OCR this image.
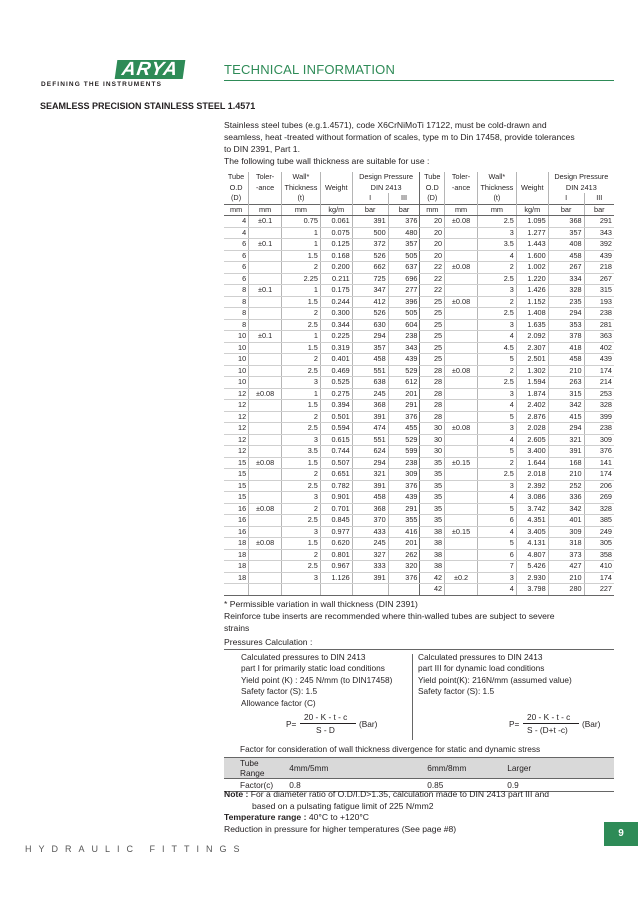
ARYA
DEFINING THE INSTRUMENTS
TECHNICAL INFORMATION
SEAMLESS PRECISION STAINLESS STEEL 1.4571

Stainless steel tubes (e.g.1.4571), code X6CrNiMoTi 17122, must be cold-drawn and

seamless, heat -treated without formation of scales, type m to Din 17458, provide tolerances

to DIN 2391, Part 1.

The following tube wall thickness are suitable for use :

Tube	Toler-	Wall*		Design Pressure		Tube	Toler-	Wall*		Design Pressure	
O.D	-ance	Thickness	Weight	DIN 2413		O.D	-ance	Thickness	Weight	DIN 2413	
(D)		(t)		I	III	(D)		(t)		I	III
mm	mm	mm	kg/m	bar	bar	mm	mm	mm	kg/m	bar	bar
4	±0.1	0.75	0.061	391	376	20	±0.08	2.5	1.095	368	291
4		1	0.075	500	480	20		3	1.277	357	343
6	±0.1	1	0.125	372	357	20		3.5	1.443	408	392
6		1.5	0.168	526	505	20		4	1.600	458	439
6		2	0.200	662	637	22	±0.08	2	1.002	267	218
6		2.25	0.211	725	696	22		2.5	1.220	334	267
8	±0.1	1	0.175	347	277	22		3	1.426	328	315
8		1.5	0.244	412	396	25	±0.08	2	1.152	235	193
8		2	0.300	526	505	25		2.5	1.408	294	238
8		2.5	0.344	630	604	25		3	1.635	353	281
10	±0.1	1	0.225	294	238	25		4	2.092	378	363
10		1.5	0.319	357	343	25		4.5	2.307	418	402
10		2	0.401	458	439	25		5	2.501	458	439
10		2.5	0.469	551	529	28	±0.08	2	1.302	210	174
10		3	0.525	638	612	28		2.5	1.594	263	214
12	±0.08	1	0.275	245	201	28		3	1.874	315	253
12		1.5	0.394	368	291	28		4	2.402	342	328
12		2	0.501	391	376	28		5	2.876	415	399
12		2.5	0.594	474	455	30	±0.08	3	2.028	294	238
12		3	0.615	551	529	30		4	2.605	321	309
12		3.5	0.744	624	599	30		5	3.400	391	376
15	±0.08	1.5	0.507	294	238	35	±0.15	2	1.644	168	141
15		2	0.651	321	309	35		2.5	2.018	210	174
15		2.5	0.782	391	376	35		3	2.392	252	206
15		3	0.901	458	439	35		4	3.086	336	269
16	±0.08	2	0.701	368	291	35		5	3.742	342	328
16		2.5	0.845	370	355	35		6	4.351	401	385
16		3	0.977	433	416	38	±0.15	4	3.405	309	249
18	±0.08	1.5	0.620	245	201	38		5	4.131	318	305
18		2	0.801	327	262	38		6	4.807	373	358
18		2.5	0.967	333	320	38		7	5.426	427	410
18		3	1.126	391	376	42	±0.2	3	2.930	210	174
						42		4	3.798	280	227
* Permissible variation in wall thickness (DIN 2391)
Reinforce tube inserts are recommended where thin-walled tubes are subject to severe
strains
Pressures Calculation :
Calculated pressures to DIN 2413
part I for primarily static load conditions
Yield point (K) : 245 N/mm (to DIN17458)
Safety factor (S): 1.5
Allowance factor (C)
Calculated pressures to DIN 2413
part III for dynamic load conditions
Yield point(K): 216N/mm (assumed value)
Safety factor (S): 1.5
P=
20 - K - t - c
S - D
(Bar)	P=
20 - K - t - c
S - (D+t -c)
(Bar)
Factor for consideration of wall thickness divergence for static and dynamic stress
Tube Range	4mm/5mm	6mm/8mm	Larger
Factor(c)	0.8	0.85	0.9
Note : For a diameter ratio of O.D/I.D>1.35, calculation made to DIN 2413 part III and
based on a pulsating fatigue limit of 225 N/mm2
Temperature range : 40°C to +120°C
Reduction in pressure for higher temperatures (See page #8)	9
HYDRAULIC FITTINGS
